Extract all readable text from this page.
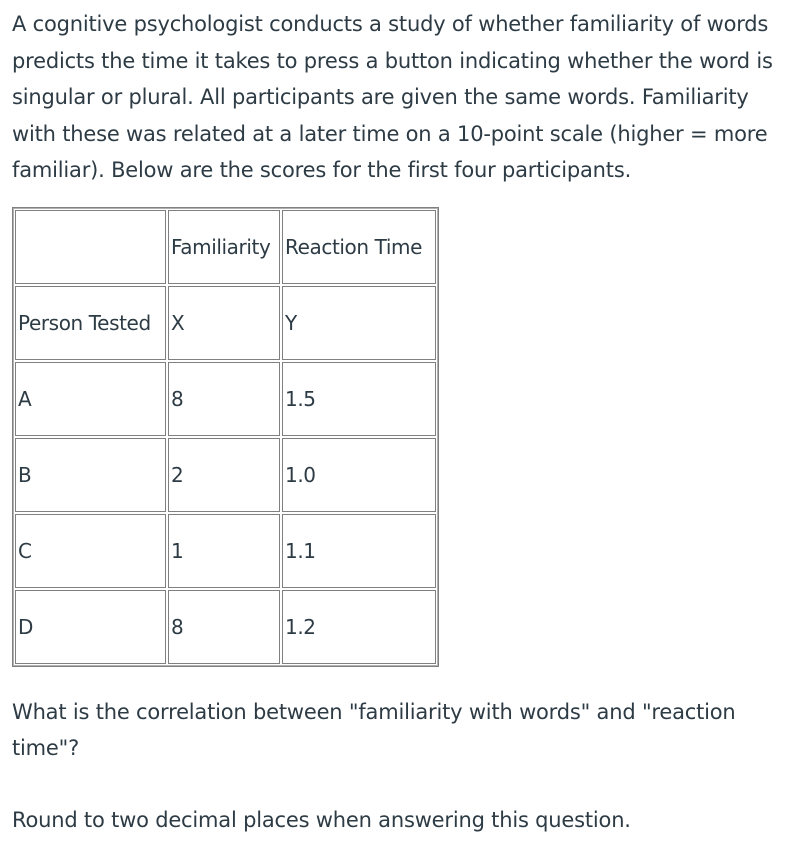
A cognitive psychologist conducts a study of whether familiarity of words predicts the time it takes to press a button indicating whether the word is singular or plural. All participants are given the same words. Familiarity with these was related at a later time on a 10-point scale (higher = more familiar). Below are the scores for the first four participants.

	Familiarity	Reaction Time
Person Tested	X	Y
A	8	1.5
B	2	1.0
C	1	1.1
D	8	1.2

What is the correlation between "familiarity with words" and "reaction time"?

Round to two decimal places when answering this question.
